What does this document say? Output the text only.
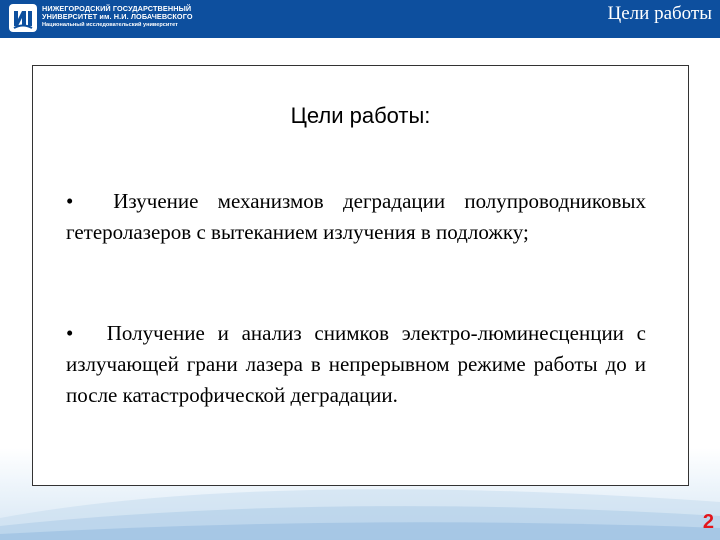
НИЖЕГОРОДСКИЙ ГОСУДАРСТВЕННЫЙ
УНИВЕРСИТЕТ им. Н.И. ЛОБАЧЕВСКОГО
Национальный исследовательский университет
Цели работы
Цели работы:
• Изучение механизмов деградации полупроводниковых гетеролазеров с вытеканием излучения в подложку;
• Получение и анализ снимков электро-люминесценции с излучающей грани лазера в непрерывном режиме работы до и после катастрофической деградации.
2
